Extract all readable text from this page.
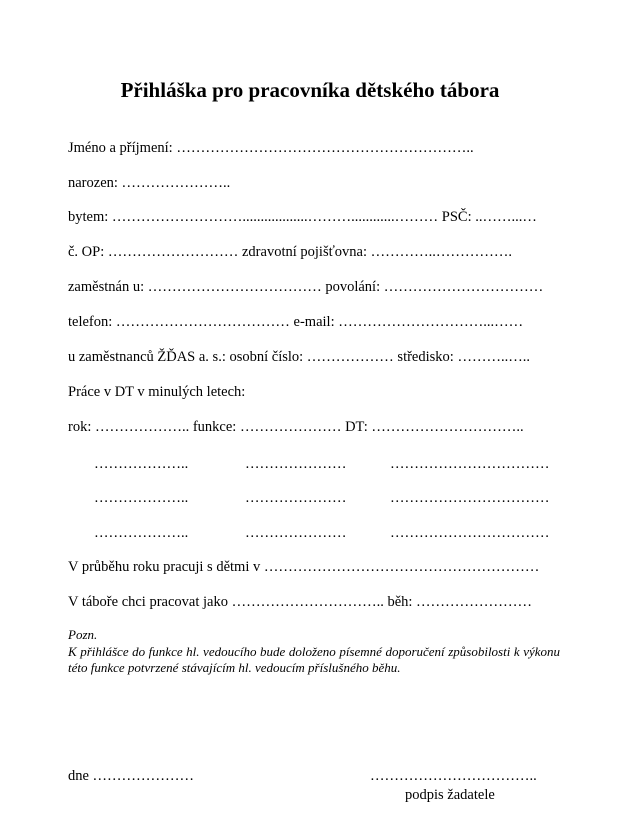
Přihláška pro pracovníka dětského tábora
Jméno a příjmení: ……………………………………………………..
narozen: …………………..
bytem: ………………………..................………............……… PSČ: ..……...…
č. OP: ……………………… zdravotní pojišťovna: …………..…………….
zaměstnán u: ……………………………… povolání: ……………………………
telefon: ……………………………… e-mail: …………………………...……
u zaměstnanců ŽĎAS a. s.: osobní číslo: ……………… středisko: ………..…..
Práce v DT v minulých letech:
rok: ……………….. funkce: ………………… DT: …………………………..
………………..	…………………	……………………………
………………..	…………………	……………………………
………………..	…………………	……………………………
V průběhu roku pracuji s dětmi v …………………………………………………
V táboře chci pracovat jako ………………………….. běh: ……………………
Pozn.
K přihlášce do funkce hl. vedoucího bude doloženo písemné doporučení způsobilosti k výkonu této funkce potvrzené stávajícím hl. vedoucím příslušného běhu.
dne …………………	……………………………..
podpis žadatele
